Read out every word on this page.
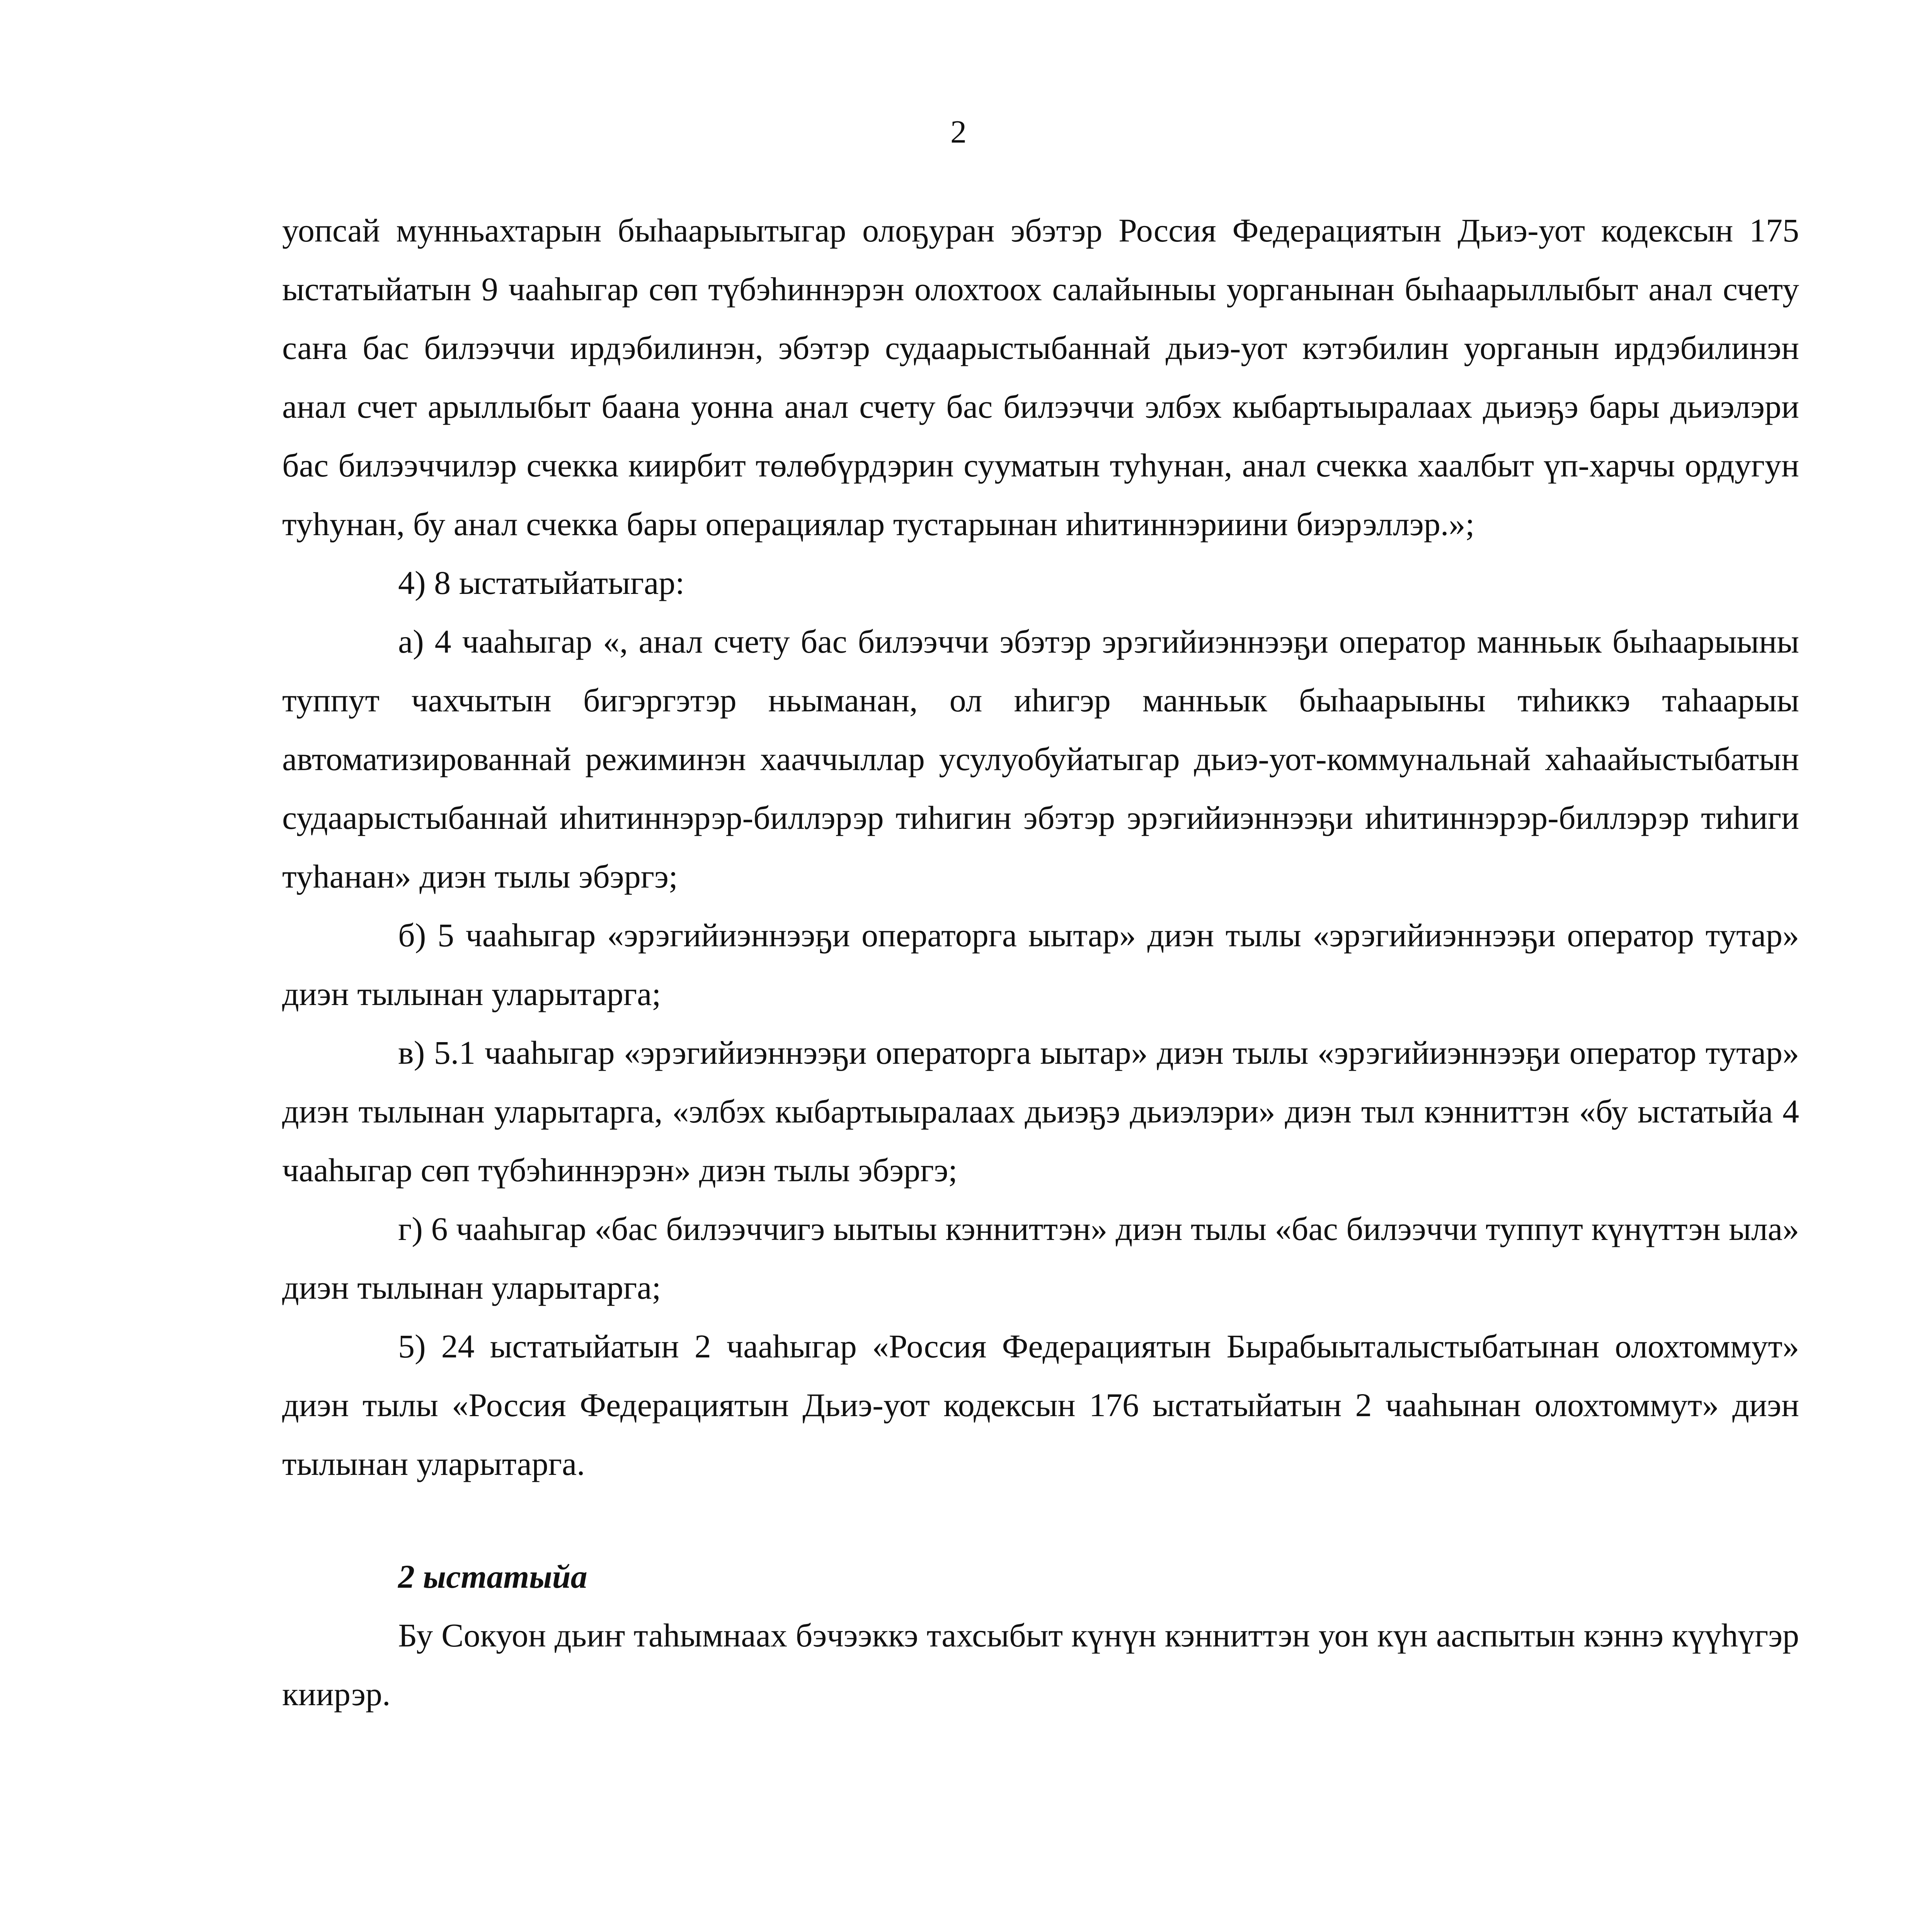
2

уопсай мунньахтарын быhаарыытыгар олоҕуран эбэтэр Россия Федерациятын Дьиэ-уот кодексын 175 ыстатыйатын 9 чааhыгар сөп түбэhиннэрэн олохтоох салайыныы уорганынан быhаарыллыбыт анал счету саҥа бас билээччи ирдэбилинэн, эбэтэр судаарыстыбаннай дьиэ-уот кэтэбилин уорганын ирдэбилинэн анал счет арыллыбыт баана уонна анал счету бас билээччи элбэх кыбартыыралаах дьиэҕэ бары дьиэлэри бас билээччилэр счекка киирбит төлөбүрдэрин сууматын туhунан, анал счекка хаалбыт үп-харчы ордугун туhунан, бу анал счекка бары операциялар тустарынан иhитиннэриини биэрэллэр.»;

4) 8 ыстатыйатыгар:

а) 4 чааhыгар «, анал счету бас билээччи эбэтэр эрэгийиэннээҕи оператор манньык быhаарыыны туппут чахчытын бигэргэтэр ньыманан, ол иhигэр манньык быhаарыыны тиhиккэ таhаарыы автоматизированнай режиминэн хааччыллар усулуобуйатыгар дьиэ-уот-коммунальнай хаhаайыстыбатын судаарыстыбаннай иhитиннэрэр-биллэрэр тиhигин эбэтэр эрэгийиэннээҕи иhитиннэрэр-биллэрэр тиhиги туhанан» диэн тылы эбэргэ;

б) 5 чааhыгар «эрэгийиэннээҕи операторга ыытар» диэн тылы «эрэгийиэннээҕи оператор тутар» диэн тылынан уларытарга;

в) 5.1 чааhыгар «эрэгийиэннээҕи операторга ыытар» диэн тылы «эрэгийиэннээҕи оператор тутар» диэн тылынан уларытарга, «элбэх кыбартыыралаах дьиэҕэ дьиэлэри» диэн тыл кэнниттэн «бу ыстатыйа 4 чааhыгар сөп түбэhиннэрэн» диэн тылы эбэргэ;

г) 6 чааhыгар «бас билээччигэ ыытыы кэнниттэн» диэн тылы «бас билээччи туппут күнүттэн ыла» диэн тылынан уларытарга;

5) 24 ыстатыйатын 2 чааhыгар «Россия Федерациятын Бырабыыталыстыбатынан олохтоммут» диэн тылы «Россия Федерациятын Дьиэ-уот кодексын 176 ыстатыйатын 2 чааhынан олохтоммут» диэн тылынан уларытарга.

2 ыстатыйа

Бу Сокуон дьиҥ таhымнаах бэчээккэ тахсыбыт күнүн кэнниттэн уон күн ааспытын кэннэ күүhүгэр киирэр.
